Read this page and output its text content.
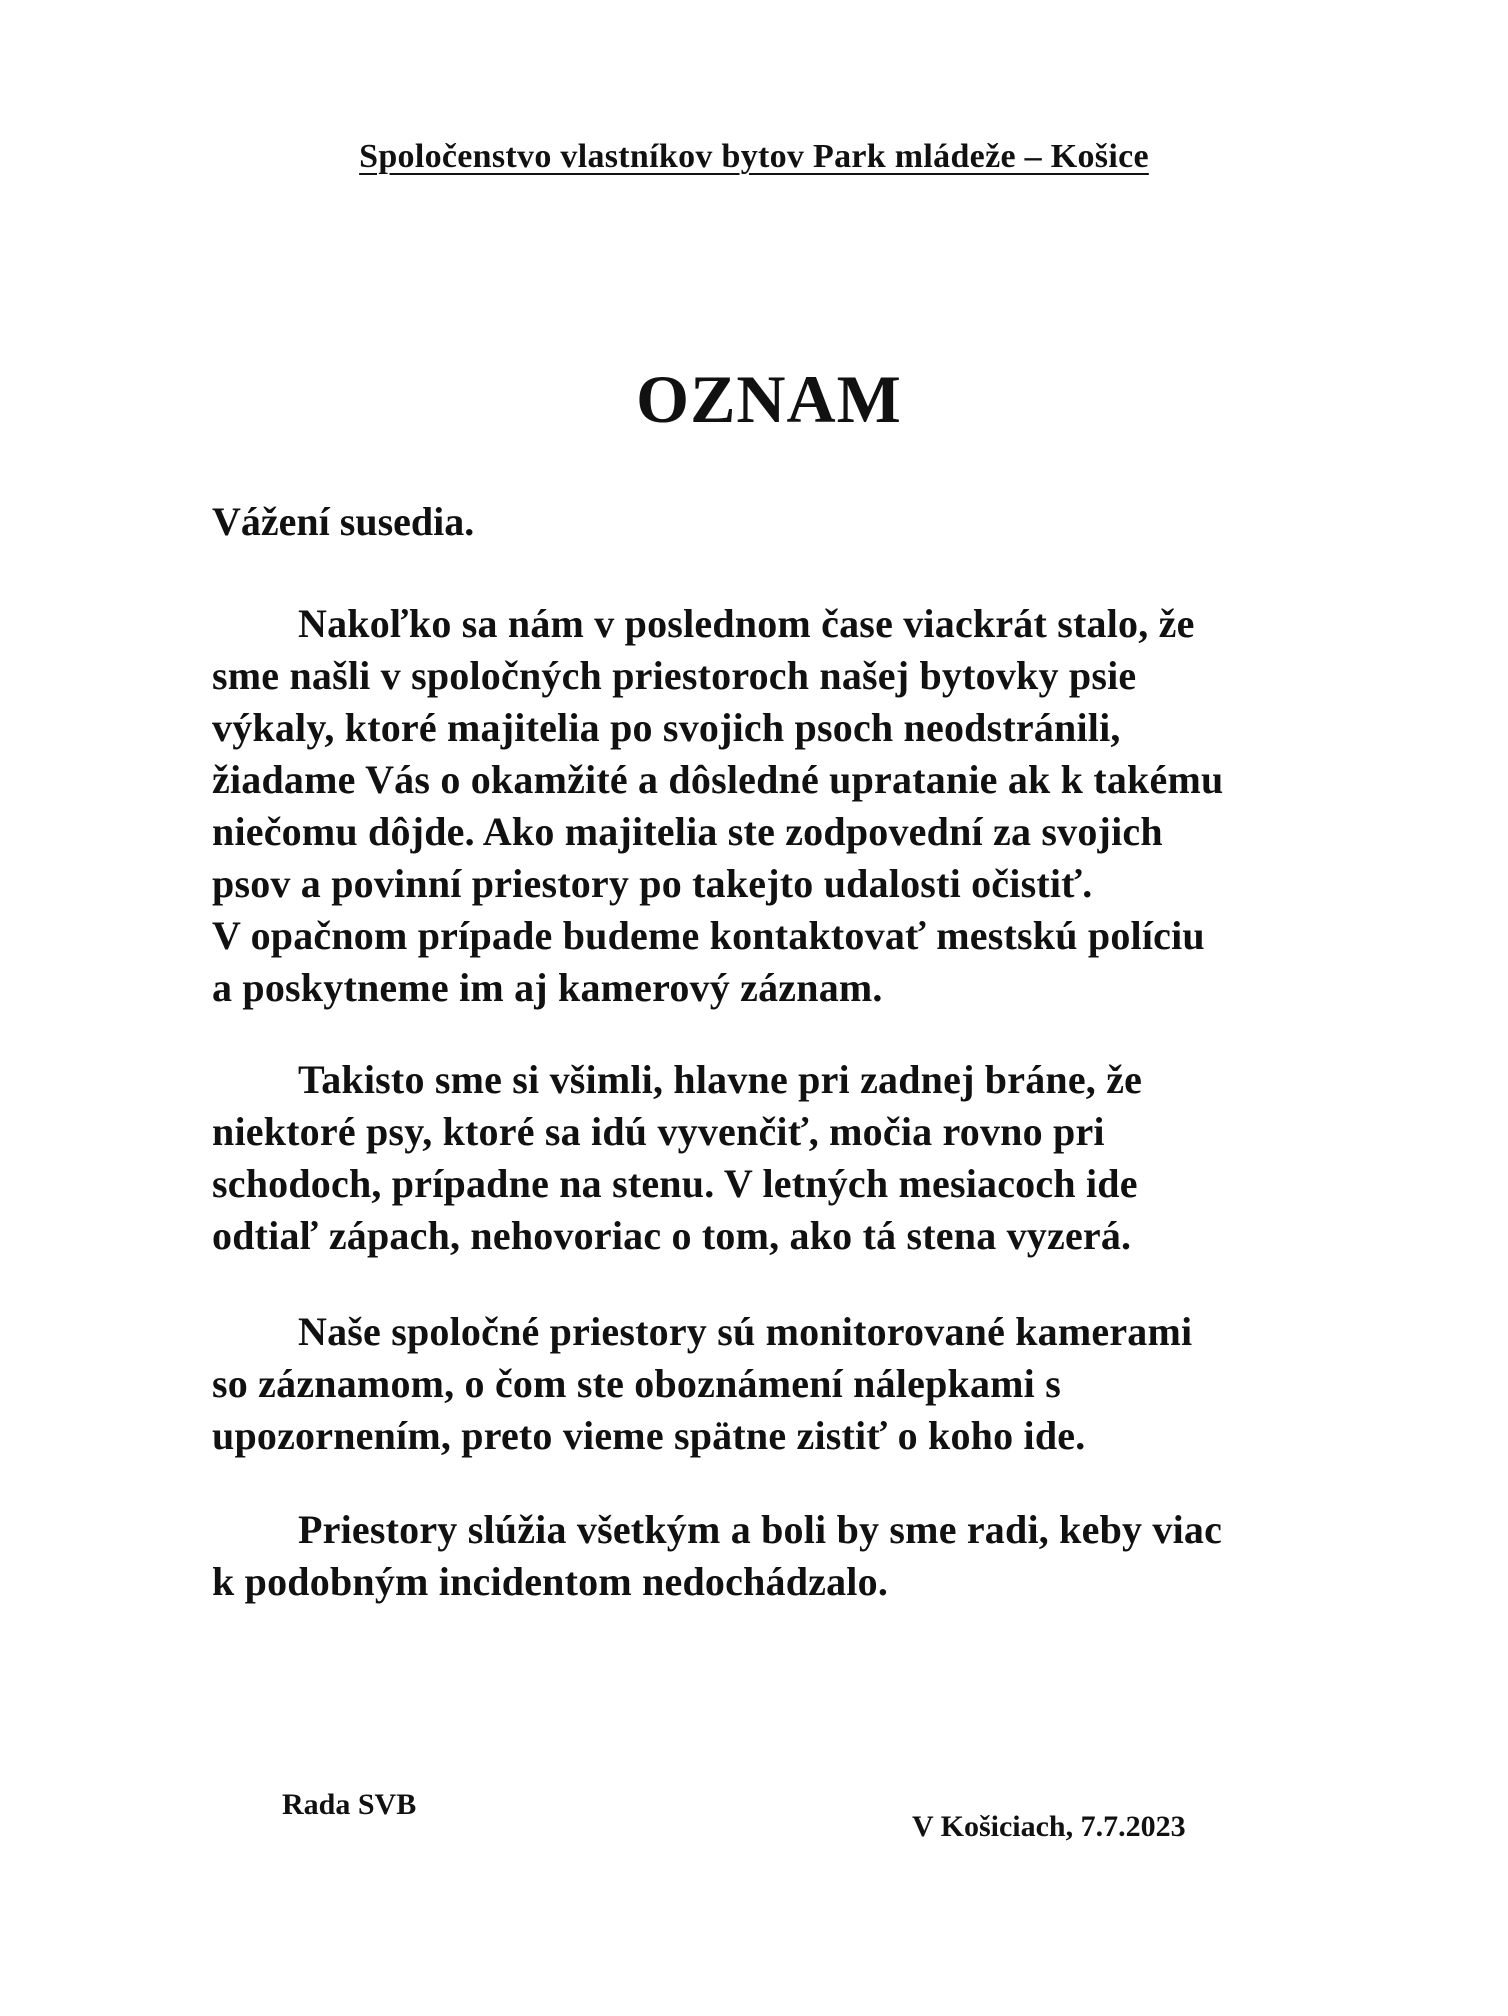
Spoločenstvo vlastníkov bytov Park mládeže – Košice
OZNAM
Vážení susedia.
Nakoľko sa nám v poslednom čase viackrát stalo, že
sme našli v spoločných priestoroch našej bytovky psie
výkaly, ktoré majitelia po svojich psoch neodstránili,
žiadame Vás o okamžité a dôsledné upratanie ak k takému
niečomu dôjde. Ako majitelia ste zodpovední za svojich
psov a povinní priestory po takejto udalosti očistiť.
V opačnom prípade budeme kontaktovať mestskú políciu
a poskytneme im aj kamerový záznam.
Takisto sme si všimli, hlavne pri zadnej bráne, že
niektoré psy, ktoré sa idú vyvenčiť, močia rovno pri
schodoch, prípadne na stenu. V letných mesiacoch ide
odtiaľ zápach, nehovoriac o tom, ako tá stena vyzerá.
Naše spoločné priestory sú monitorované kamerami
so záznamom, o čom ste oboznámení nálepkami s
upozornením, preto vieme spätne zistiť o koho ide.
Priestory slúžia všetkým a boli by sme radi, keby viac
k podobným incidentom nedochádzalo.
Rada SVB
V Košiciach, 7.7.2023
